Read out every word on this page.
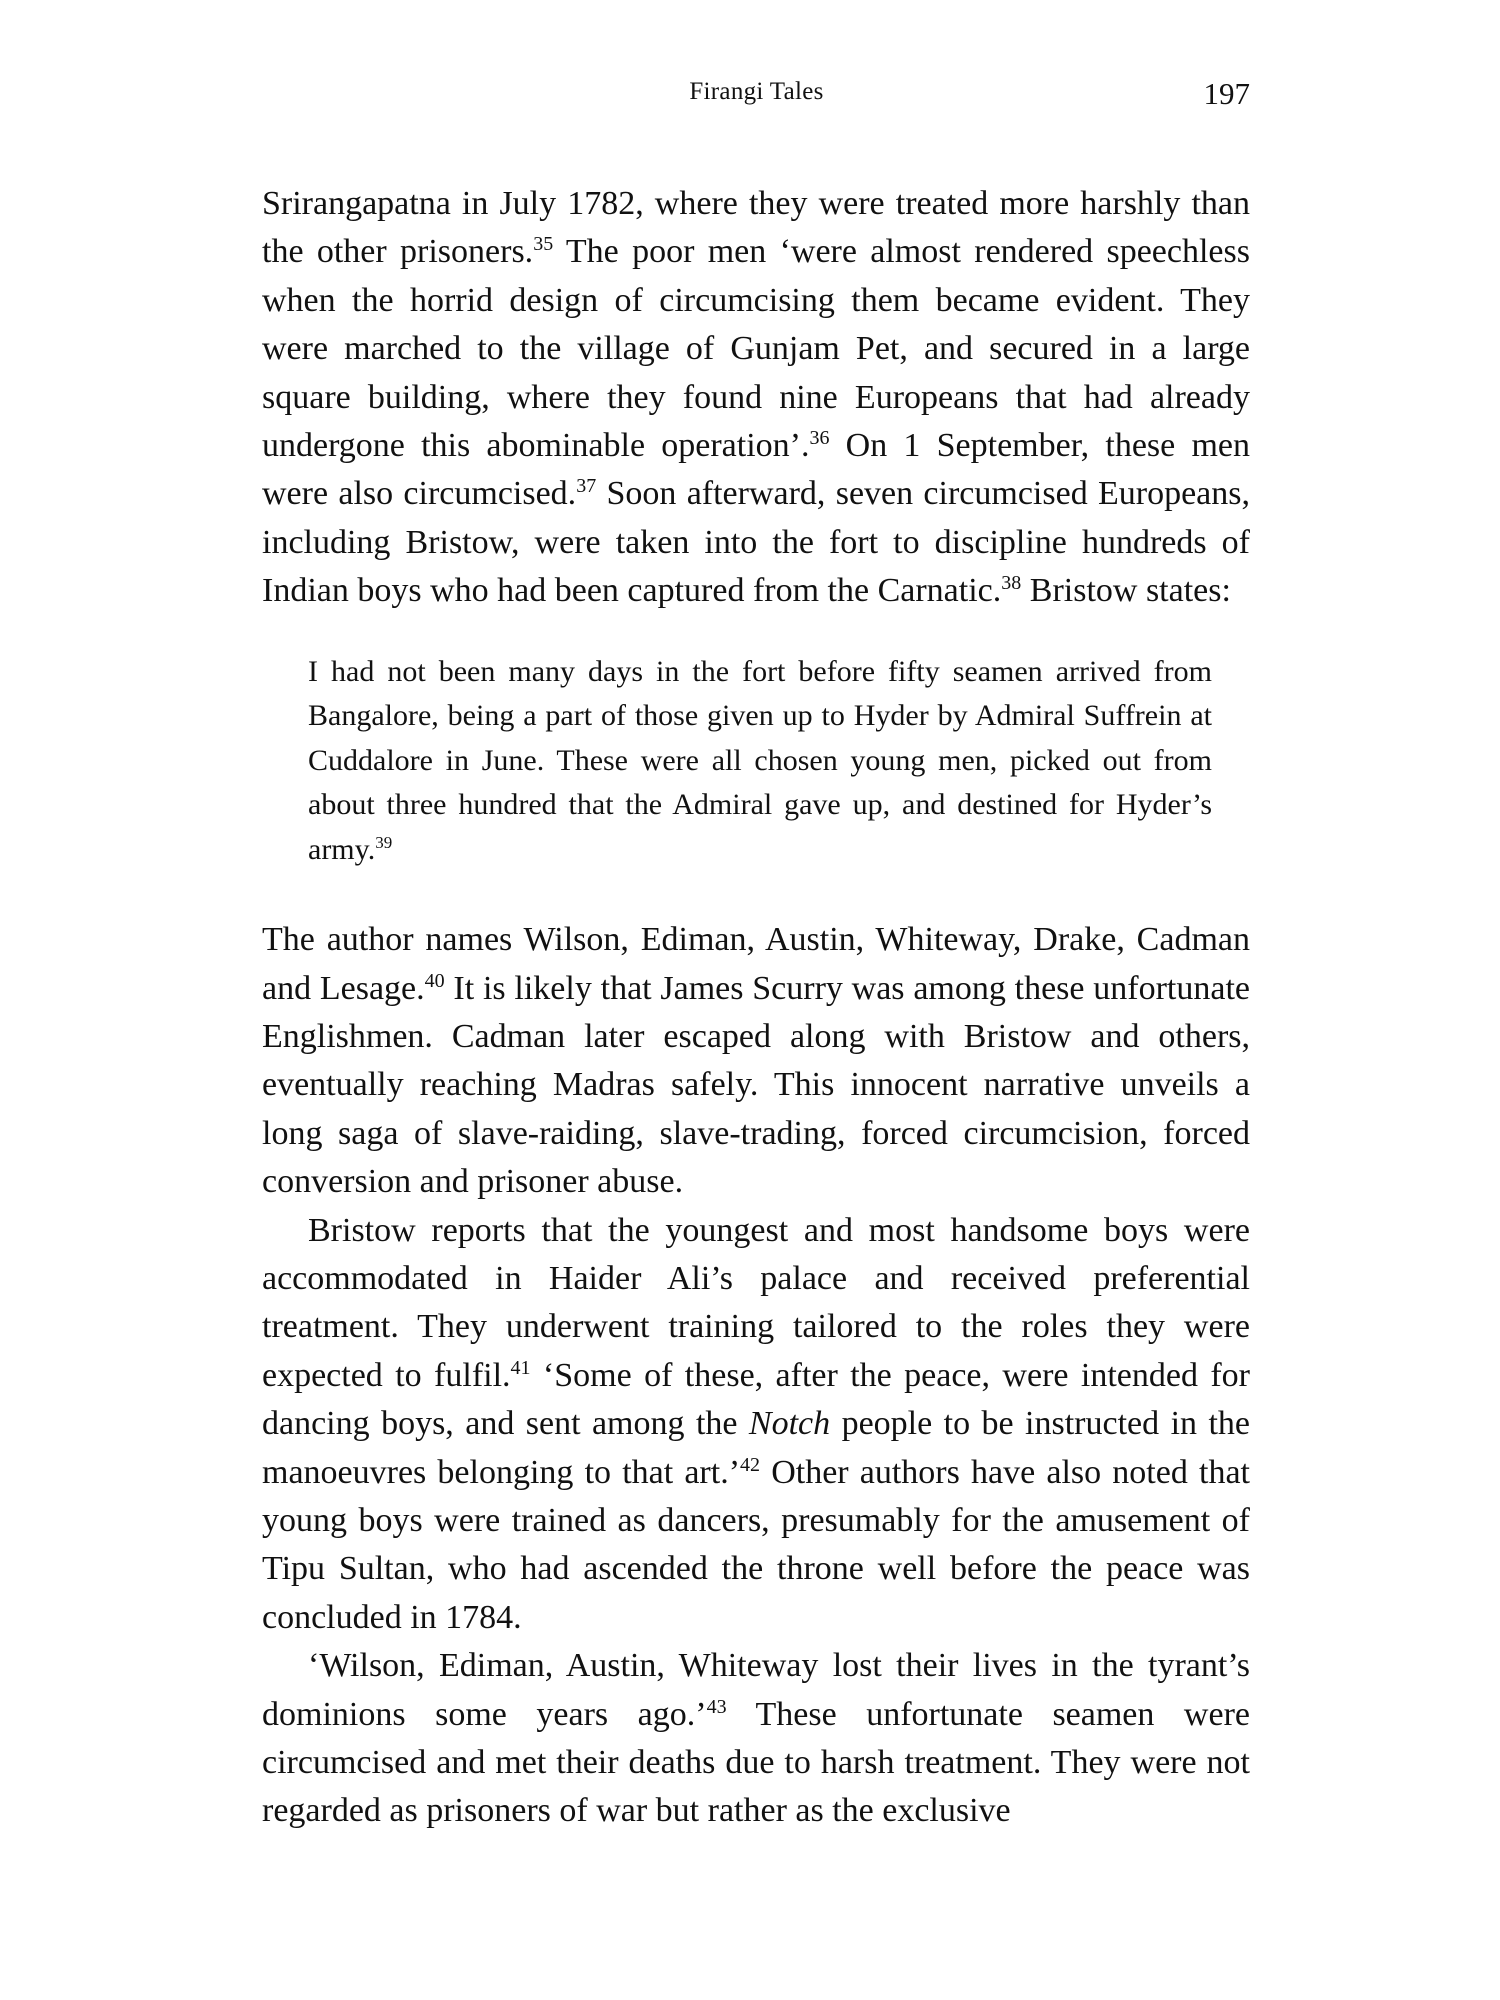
Firangi Tales	197

Srirangapatna in July 1782, where they were treated more harshly than the other prisoners.$^{35}$ The poor men ‘were almost rendered speechless when the horrid design of circumcising them became evident. They were marched to the village of Gunjam Pet, and secured in a large square building, where they found nine Europeans that had already undergone this abominable operation’.$^{36}$ On 1 September, these men were also circumcised.$^{37}$ Soon afterward, seven circumcised Europeans, including Bristow, were taken into the fort to discipline hundreds of Indian boys who had been captured from the Carnatic.$^{38}$ Bristow states:

I had not been many days in the fort before fifty seamen arrived from Bangalore, being a part of those given up to Hyder by Admiral Suffrein at Cuddalore in June. These were all chosen young men, picked out from about three hundred that the Admiral gave up, and destined for Hyder’s army.$^{39}$

The author names Wilson, Ediman, Austin, Whiteway, Drake, Cadman and Lesage.$^{40}$ It is likely that James Scurry was among these unfortunate Englishmen. Cadman later escaped along with Bristow and others, eventually reaching Madras safely. This innocent narrative unveils a long saga of slave-raiding, slave-trading, forced circumcision, forced conversion and prisoner abuse.

Bristow reports that the youngest and most handsome boys were accommodated in Haider Ali’s palace and received preferential treatment. They underwent training tailored to the roles they were expected to fulfil.$^{41}$ ‘Some of these, after the peace, were intended for dancing boys, and sent among the Notch people to be instructed in the manoeuvres belonging to that art.’$^{42}$ Other authors have also noted that young boys were trained as dancers, presumably for the amusement of Tipu Sultan, who had ascended the throne well before the peace was concluded in 1784.

‘Wilson, Ediman, Austin, Whiteway lost their lives in the tyrant’s dominions some years ago.’$^{43}$ These unfortunate seamen were circumcised and met their deaths due to harsh treatment. They were not regarded as prisoners of war but rather as the exclusive
